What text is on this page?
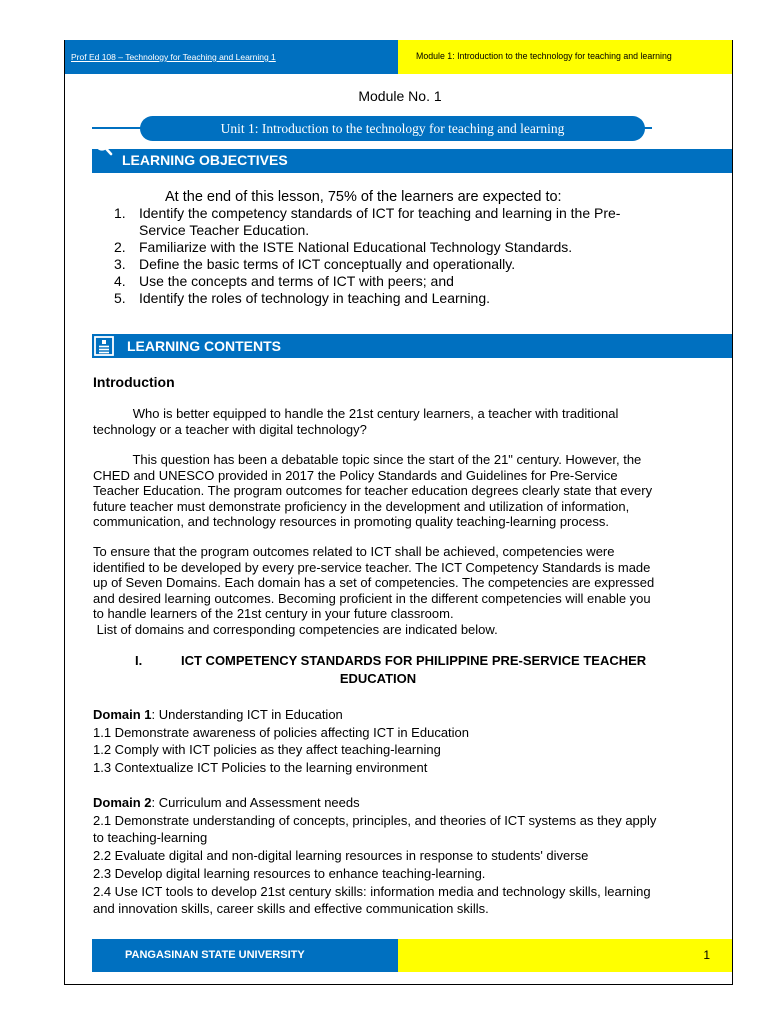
Prof Ed 108 – Technology for Teaching and Learning 1	Module 1: Introduction to the technology for teaching and learning
Module No. 1
Unit 1: Introduction to the technology for teaching and learning
LEARNING OBJECTIVES
At the end of this lesson, 75% of the learners are expected to:
1. Identify the competency standards of ICT for teaching and learning in the Pre-
Service Teacher Education.
2. Familiarize with the ISTE National Educational Technology Standards.
3. Define the basic terms of ICT conceptually and operationally.
4. Use the concepts and terms of ICT with peers; and
5. Identify the roles of technology in teaching and Learning.
LEARNING CONTENTS
Introduction
Who is better equipped to handle the 21st century learners, a teacher with traditional
technology or a teacher with digital technology?
This question has been a debatable topic since the start of the 21" century. However, the
CHED and UNESCO provided in 2017 the Policy Standards and Guidelines for Pre-Service
Teacher Education. The program outcomes for teacher education degrees clearly state that every
future teacher must demonstrate proficiency in the development and utilization of information,
communication, and technology resources in promoting quality teaching-learning process.
To ensure that the program outcomes related to ICT shall be achieved, competencies were
identified to be developed by every pre-service teacher. The ICT Competency Standards is made
up of Seven Domains. Each domain has a set of competencies. The competencies are expressed
and desired learning outcomes. Becoming proficient in the different competencies will enable you
to handle learners of the 21st century in your future classroom.
List of domains and corresponding competencies are indicated below.
I.	ICT COMPETENCY STANDARDS FOR PHILIPPINE PRE-SERVICE TEACHER
EDUCATION
Domain 1: Understanding ICT in Education
1.1 Demonstrate awareness of policies affecting ICT in Education
1.2 Comply with ICT policies as they affect teaching-learning
1.3 Contextualize ICT Policies to the learning environment
Domain 2: Curriculum and Assessment needs
2.1 Demonstrate understanding of concepts, principles, and theories of ICT systems as they apply
to teaching-learning
2.2 Evaluate digital and non-digital learning resources in response to students' diverse
2.3 Develop digital learning resources to enhance teaching-learning.
2.4 Use ICT tools to develop 21st century skills: information media and technology skills, learning
and innovation skills, career skills and effective communication skills.
PANGASINAN STATE UNIVERSITY	1
